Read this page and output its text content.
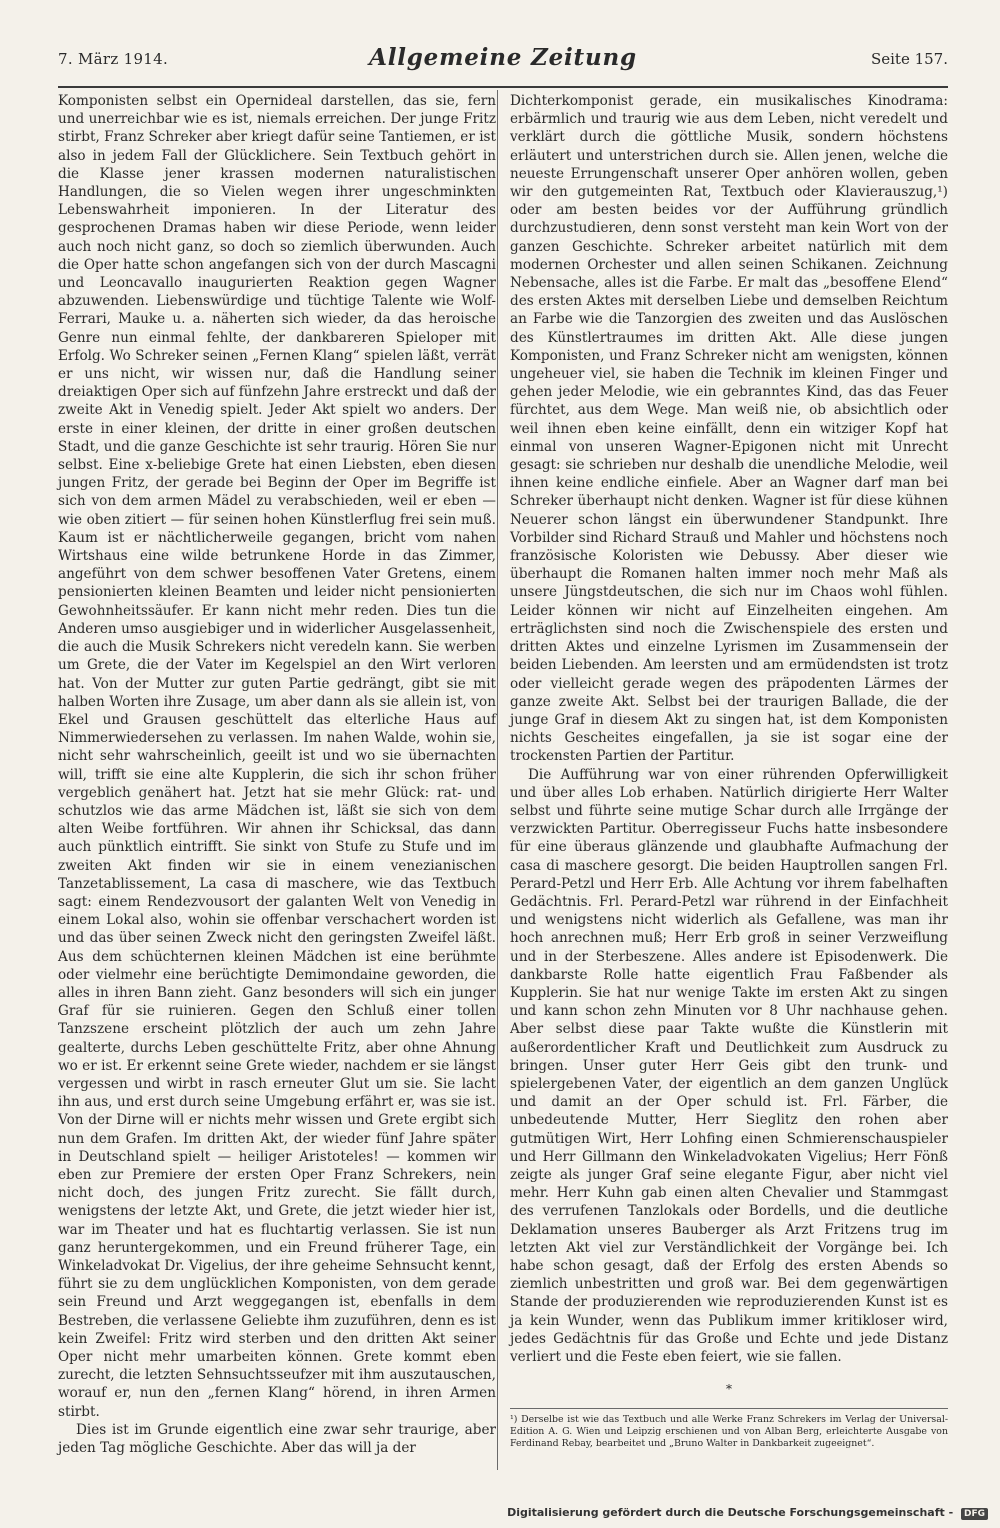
7. März 1914.	Allgemeine Zeitung	Seite 157.

Komponisten selbst ein Opernideal darstellen, das sie, fern und unerreichbar wie es ist, niemals erreichen. Der junge Fritz stirbt, Franz Schreker aber kriegt dafür seine Tantiemen, er ist also in jedem Fall der Glücklichere. Sein Textbuch gehört in die Klasse jener krassen modernen naturalistischen Handlungen, die so Vielen wegen ihrer ungeschminkten Lebenswahrheit imponieren. In der Literatur des gesprochenen Dramas haben wir diese Periode, wenn leider auch noch nicht ganz, so doch so ziemlich überwunden. Auch die Oper hatte schon angefangen sich von der durch Mascagni und Leoncavallo inaugurierten Reaktion gegen Wagner abzuwenden. Liebenswürdige und tüchtige Talente wie Wolf-Ferrari, Mauke u. a. näherten sich wieder, da das heroische Genre nun einmal fehlte, der dankbareren Spieloper mit Erfolg. Wo Schreker seinen „Fernen Klang“ spielen läßt, verrät er uns nicht, wir wissen nur, daß die Handlung seiner dreiaktigen Oper sich auf fünfzehn Jahre erstreckt und daß der zweite Akt in Venedig spielt. Jeder Akt spielt wo anders. Der erste in einer kleinen, der dritte in einer großen deutschen Stadt, und die ganze Geschichte ist sehr traurig. Hören Sie nur selbst. Eine x-beliebige Grete hat einen Liebsten, eben diesen jungen Fritz, der gerade bei Beginn der Oper im Begriffe ist sich von dem armen Mädel zu verabschieden, weil er eben — wie oben zitiert — für seinen hohen Künstlerflug frei sein muß. Kaum ist er nächtlicherweile gegangen, bricht vom nahen Wirtshaus eine wilde betrunkene Horde in das Zimmer, angeführt von dem schwer besoffenen Vater Gretens, einem pensionierten kleinen Beamten und leider nicht pensionierten Gewohnheitssäufer. Er kann nicht mehr reden. Dies tun die Anderen umso ausgiebiger und in widerlicher Ausgelassenheit, die auch die Musik Schrekers nicht veredeln kann. Sie werben um Grete, die der Vater im Kegelspiel an den Wirt verloren hat. Von der Mutter zur guten Partie gedrängt, gibt sie mit halben Worten ihre Zusage, um aber dann als sie allein ist, von Ekel und Grausen geschüttelt das elterliche Haus auf Nimmerwiedersehen zu verlassen. Im nahen Walde, wohin sie, nicht sehr wahrscheinlich, geeilt ist und wo sie übernachten will, trifft sie eine alte Kupplerin, die sich ihr schon früher vergeblich genähert hat. Jetzt hat sie mehr Glück: rat- und schutzlos wie das arme Mädchen ist, läßt sie sich von dem alten Weibe fortführen. Wir ahnen ihr Schicksal, das dann auch pünktlich eintrifft. Sie sinkt von Stufe zu Stufe und im zweiten Akt finden wir sie in einem venezianischen Tanzetablissement, La casa di maschere, wie das Textbuch sagt: einem Rendezvousort der galanten Welt von Venedig in einem Lokal also, wohin sie offenbar verschachert worden ist und das über seinen Zweck nicht den geringsten Zweifel läßt. Aus dem schüchternen kleinen Mädchen ist eine berühmte oder vielmehr eine berüchtigte Demimondaine geworden, die alles in ihren Bann zieht. Ganz besonders will sich ein junger Graf für sie ruinieren. Gegen den Schluß einer tollen Tanzszene erscheint plötzlich der auch um zehn Jahre gealterte, durchs Leben geschüttelte Fritz, aber ohne Ahnung wo er ist. Er erkennt seine Grete wieder, nachdem er sie längst vergessen und wirbt in rasch erneuter Glut um sie. Sie lacht ihn aus, und erst durch seine Umgebung erfährt er, was sie ist. Von der Dirne will er nichts mehr wissen und Grete ergibt sich nun dem Grafen. Im dritten Akt, der wieder fünf Jahre später in Deutschland spielt — heiliger Aristoteles! — kommen wir eben zur Premiere der ersten Oper Franz Schrekers, nein nicht doch, des jungen Fritz zurecht. Sie fällt durch, wenigstens der letzte Akt, und Grete, die jetzt wieder hier ist, war im Theater und hat es fluchtartig verlassen. Sie ist nun ganz heruntergekommen, und ein Freund früherer Tage, ein Winkeladvokat Dr. Vigelius, der ihre geheime Sehnsucht kennt, führt sie zu dem unglücklichen Komponisten, von dem gerade sein Freund und Arzt weggegangen ist, ebenfalls in dem Bestreben, die verlassene Geliebte ihm zuzuführen, denn es ist kein Zweifel: Fritz wird sterben und den dritten Akt seiner Oper nicht mehr umarbeiten können. Grete kommt eben zurecht, die letzten Sehnsuchtsseufzer mit ihm auszutauschen, worauf er, nun den „fernen Klang“ hörend, in ihren Armen stirbt.

Dies ist im Grunde eigentlich eine zwar sehr traurige, aber jeden Tag mögliche Geschichte. Aber das will ja der

Dichterkomponist gerade, ein musikalisches Kinodrama: erbärmlich und traurig wie aus dem Leben, nicht veredelt und verklärt durch die göttliche Musik, sondern höchstens erläutert und unterstrichen durch sie. Allen jenen, welche die neueste Errungenschaft unserer Oper anhören wollen, geben wir den gutgemeinten Rat, Textbuch oder Klavierauszug,¹) oder am besten beides vor der Aufführung gründlich durchzustudieren, denn sonst versteht man kein Wort von der ganzen Geschichte. Schreker arbeitet natürlich mit dem modernen Orchester und allen seinen Schikanen. Zeichnung Nebensache, alles ist die Farbe. Er malt das „besoffene Elend“ des ersten Aktes mit derselben Liebe und demselben Reichtum an Farbe wie die Tanzorgien des zweiten und das Auslöschen des Künstlertraumes im dritten Akt. Alle diese jungen Komponisten, und Franz Schreker nicht am wenigsten, können ungeheuer viel, sie haben die Technik im kleinen Finger und gehen jeder Melodie, wie ein gebranntes Kind, das das Feuer fürchtet, aus dem Wege. Man weiß nie, ob absichtlich oder weil ihnen eben keine einfällt, denn ein witziger Kopf hat einmal von unseren Wagner-Epigonen nicht mit Unrecht gesagt: sie schrieben nur deshalb die unendliche Melodie, weil ihnen keine endliche einfiele. Aber an Wagner darf man bei Schreker überhaupt nicht denken. Wagner ist für diese kühnen Neuerer schon längst ein überwundener Standpunkt. Ihre Vorbilder sind Richard Strauß und Mahler und höchstens noch französische Koloristen wie Debussy. Aber dieser wie überhaupt die Romanen halten immer noch mehr Maß als unsere Jüngstdeutschen, die sich nur im Chaos wohl fühlen. Leider können wir nicht auf Einzelheiten eingehen. Am erträglichsten sind noch die Zwischenspiele des ersten und dritten Aktes und einzelne Lyrismen im Zusammensein der beiden Liebenden. Am leersten und am ermüdendsten ist trotz oder vielleicht gerade wegen des präpodenten Lärmes der ganze zweite Akt. Selbst bei der traurigen Ballade, die der junge Graf in diesem Akt zu singen hat, ist dem Komponisten nichts Gescheites eingefallen, ja sie ist sogar eine der trockensten Partien der Partitur.

Die Aufführung war von einer rührenden Opferwilligkeit und über alles Lob erhaben. Natürlich dirigierte Herr Walter selbst und führte seine mutige Schar durch alle Irrgänge der verzwickten Partitur. Oberregisseur Fuchs hatte insbesondere für eine überaus glänzende und glaubhafte Aufmachung der casa di maschere gesorgt. Die beiden Hauptrollen sangen Frl. Perard-Petzl und Herr Erb. Alle Achtung vor ihrem fabelhaften Gedächtnis. Frl. Perard-Petzl war rührend in der Einfachheit und wenigstens nicht widerlich als Gefallene, was man ihr hoch anrechnen muß; Herr Erb groß in seiner Verzweiflung und in der Sterbeszene. Alles andere ist Episodenwerk. Die dankbarste Rolle hatte eigentlich Frau Faßbender als Kupplerin. Sie hat nur wenige Takte im ersten Akt zu singen und kann schon zehn Minuten vor 8 Uhr nachhause gehen. Aber selbst diese paar Takte wußte die Künstlerin mit außerordentlicher Kraft und Deutlichkeit zum Ausdruck zu bringen. Unser guter Herr Geis gibt den trunk- und spielergebenen Vater, der eigentlich an dem ganzen Unglück und damit an der Oper schuld ist. Frl. Färber, die unbedeutende Mutter, Herr Sieglitz den rohen aber gutmütigen Wirt, Herr Lohfing einen Schmierenschauspieler und Herr Gillmann den Winkeladvokaten Vigelius; Herr Fönß zeigte als junger Graf seine elegante Figur, aber nicht viel mehr. Herr Kuhn gab einen alten Chevalier und Stammgast des verrufenen Tanzlokals oder Bordells, und die deutliche Deklamation unseres Bauberger als Arzt Fritzens trug im letzten Akt viel zur Verständlichkeit der Vorgänge bei. Ich habe schon gesagt, daß der Erfolg des ersten Abends so ziemlich unbestritten und groß war. Bei dem gegenwärtigen Stande der produzierenden wie reproduzierenden Kunst ist es ja kein Wunder, wenn das Publikum immer kritikloser wird, jedes Gedächtnis für das Große und Echte und jede Distanz verliert und die Feste eben feiert, wie sie fallen.

*
¹) Derselbe ist wie das Textbuch und alle Werke Franz Schrekers im Verlag der Universal-Edition A. G. Wien und Leipzig erschienen und von Alban Berg, erleichterte Ausgabe von Ferdinand Rebay, bearbeitet und „Bruno Walter in Dankbarkeit zugeeignet“.
Digitalisierung gefördert durch die Deutsche Forschungsgemeinschaft - DFG
